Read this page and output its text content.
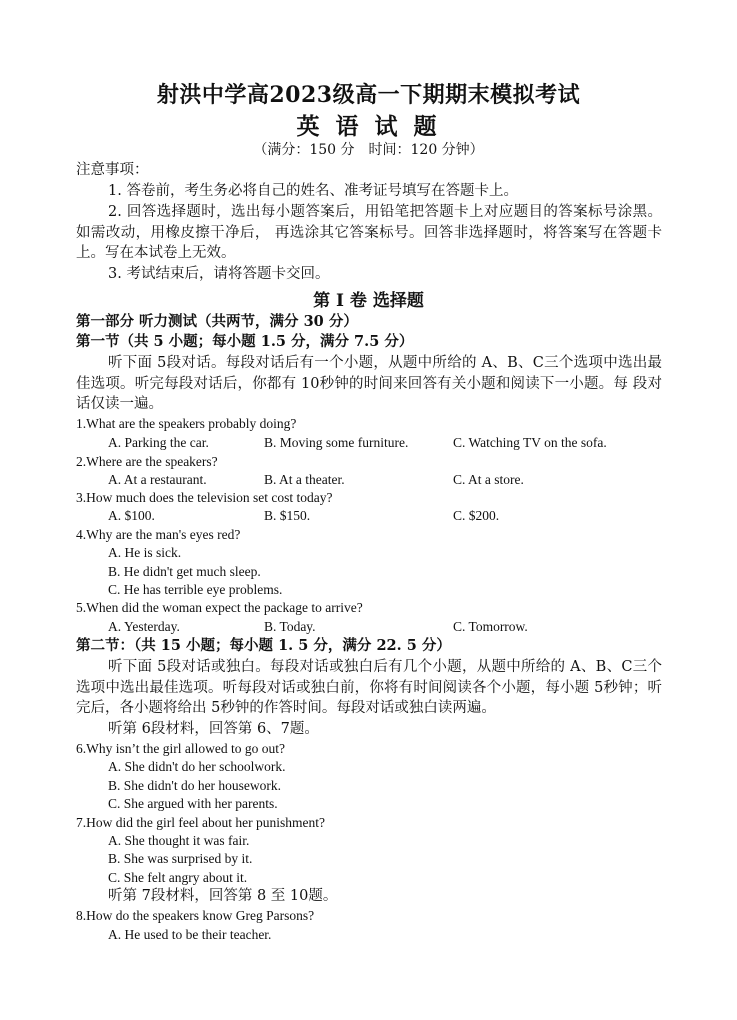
射洪中学高2023级高一下期期末模拟考试
英 语 试 题
（满分：150 分　时间：120 分钟）
注意事项：
1. 答卷前，考生务必将自己的姓名、准考证号填写在答题卡上。
2. 回答选择题时，选出每小题答案后，用铅笔把答题卡上对应题目的答案标号涂黑。如需改动，用橡皮擦干净后， 再选涂其它答案标号。回答非选择题时，将答案写在答题卡上。写在本试卷上无效。
3. 考试结束后，请将答题卡交回。
第 I 卷 选择题
第一部分 听力测试（共两节，满分 30 分）
第一节（共 5 小题；每小题 1.5 分，满分 7.5 分）
听下面 5段对话。每段对话后有一个小题，从题中所给的 A、B、C三个选项中选出最佳选项。听完每段对话后，你都有 10秒钟的时间来回答有关小题和阅读下一小题。每 段对话仅读一遍。
1.What are the speakers probably doing?
A. Parking the car.	B. Moving some furniture.	C. Watching TV on the sofa.
2.Where are the speakers?
A. At a restaurant.	B. At a theater.	C. At a store.
3.How much does the television set cost today?
A. $100.	B. $150.	C. $200.
4.Why are the man's eyes red?
A. He is sick.
B. He didn't get much sleep.
C. He has terrible eye problems.
5.When did the woman expect the package to arrive?
A. Yesterday.	B. Today.	C. Tomorrow.
第二节：（共 15 小题；每小题 1. 5 分，满分 22. 5 分）
听下面 5段对话或独白。每段对话或独白后有几个小题，从题中所给的 A、B、C三个选项中选出最佳选项。听每段对话或独白前，你将有时间阅读各个小题，每小题 5秒钟；听完后，各小题将给出 5秒钟的作答时间。每段对话或独白读两遍。
听第 6段材料，回答第 6、7题。
6.Why isn’t the girl allowed to go out?
A. She didn't do her schoolwork.
B. She didn't do her housework.
C. She argued with her parents.
7.How did the girl feel about her punishment?
A. She thought it was fair.
B. She was surprised by it.
C. She felt angry about it.
听第 7段材料，回答第 8 至 10题。
8.How do the speakers know Greg Parsons?
A. He used to be their teacher.
